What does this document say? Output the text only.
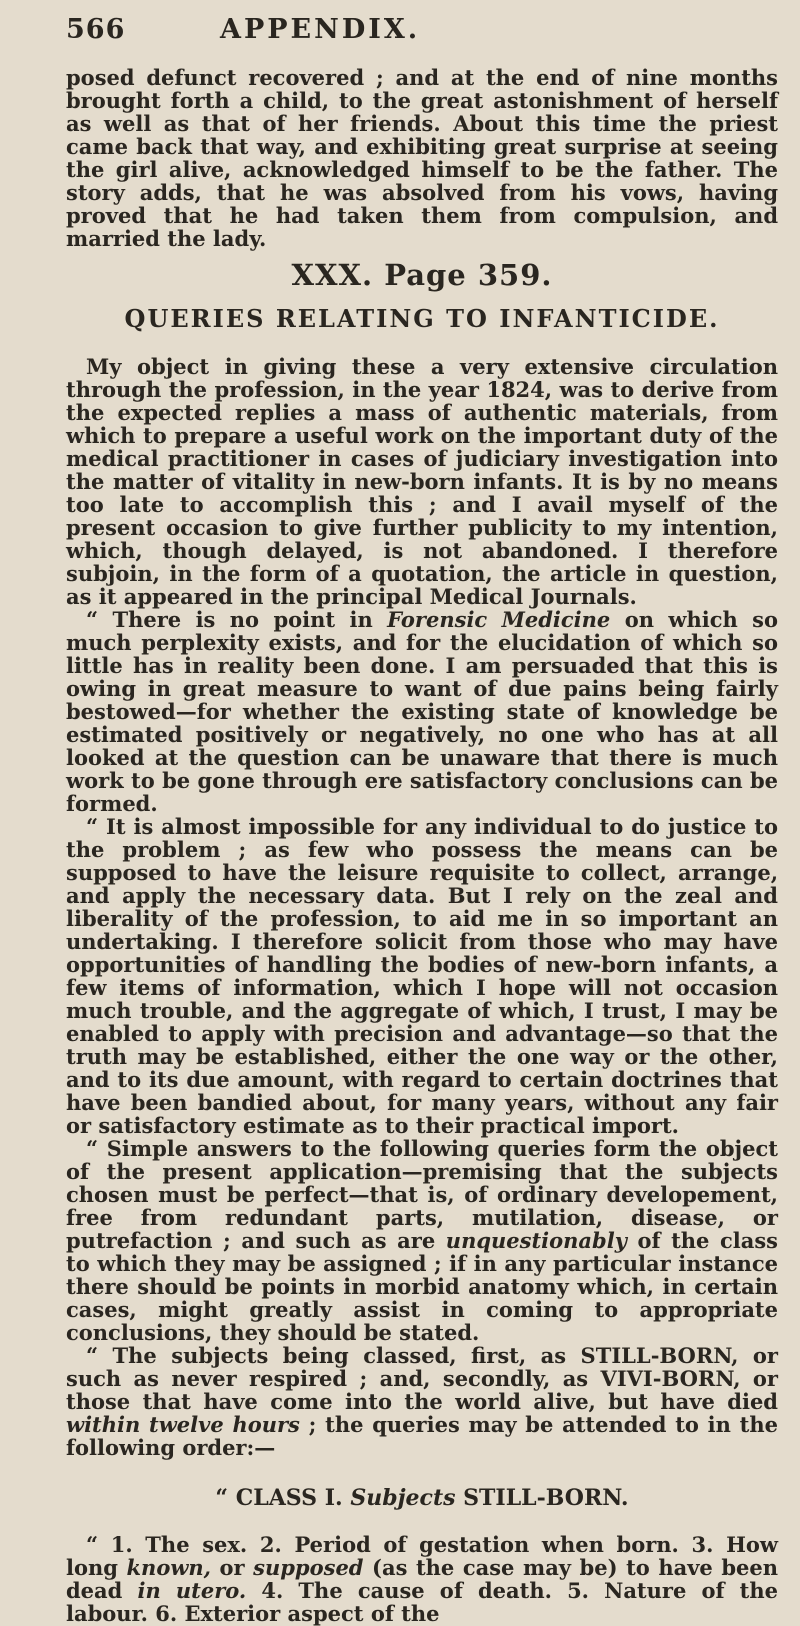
566	APPENDIX.

posed defunct recovered ; and at the end of nine months brought forth a child, to the great astonishment of herself as well as that of her friends. About this time the priest came back that way, and exhibiting great surprise at seeing the girl alive, acknowledged himself to be the father. The story adds, that he was absolved from his vows, having proved that he had taken them from compulsion, and married the lady.

XXX. Page 359.
QUERIES RELATING TO INFANTICIDE.

My object in giving these a very extensive circulation through the profession, in the year 1824, was to derive from the expected replies a mass of authentic materials, from which to prepare a useful work on the important duty of the medical practitioner in cases of judiciary investigation into the matter of vitality in new-born infants. It is by no means too late to accomplish this ; and I avail myself of the present occasion to give further publicity to my intention, which, though delayed, is not abandoned. I therefore subjoin, in the form of a quotation, the article in question, as it appeared in the principal Medical Journals.

“ There is no point in Forensic Medicine on which so much perplexity exists, and for the elucidation of which so little has in reality been done. I am persuaded that this is owing in great measure to want of due pains being fairly bestowed—for whether the existing state of knowledge be estimated positively or negatively, no one who has at all looked at the question can be unaware that there is much work to be gone through ere satisfactory conclusions can be formed.

“ It is almost impossible for any individual to do justice to the problem ; as few who possess the means can be supposed to have the leisure requisite to collect, arrange, and apply the necessary data. But I rely on the zeal and liberality of the profession, to aid me in so important an undertaking. I therefore solicit from those who may have opportunities of handling the bodies of new-born infants, a few items of information, which I hope will not occasion much trouble, and the aggregate of which, I trust, I may be enabled to apply with precision and advantage—so that the truth may be established, either the one way or the other, and to its due amount, with regard to certain doctrines that have been bandied about, for many years, without any fair or satisfactory estimate as to their practical import.

“ Simple answers to the following queries form the object of the present application—premising that the subjects chosen must be perfect—that is, of ordinary developement, free from redundant parts, mutilation, disease, or putrefaction ; and such as are unquestionably of the class to which they may be assigned ; if in any particular instance there should be points in morbid anatomy which, in certain cases, might greatly assist in coming to appropriate conclusions, they should be stated.

“ The subjects being classed, first, as STILL-BORN, or such as never respired ; and, secondly, as VIVI-BORN, or those that have come into the world alive, but have died within twelve hours ; the queries may be attended to in the following order:—

“ CLASS I. Subjects STILL-BORN.

“ 1. The sex. 2. Period of gestation when born. 3. How long known, or supposed (as the case may be) to have been dead in utero. 4. The cause of death. 5. Nature of the labour. 6. Exterior aspect of the
